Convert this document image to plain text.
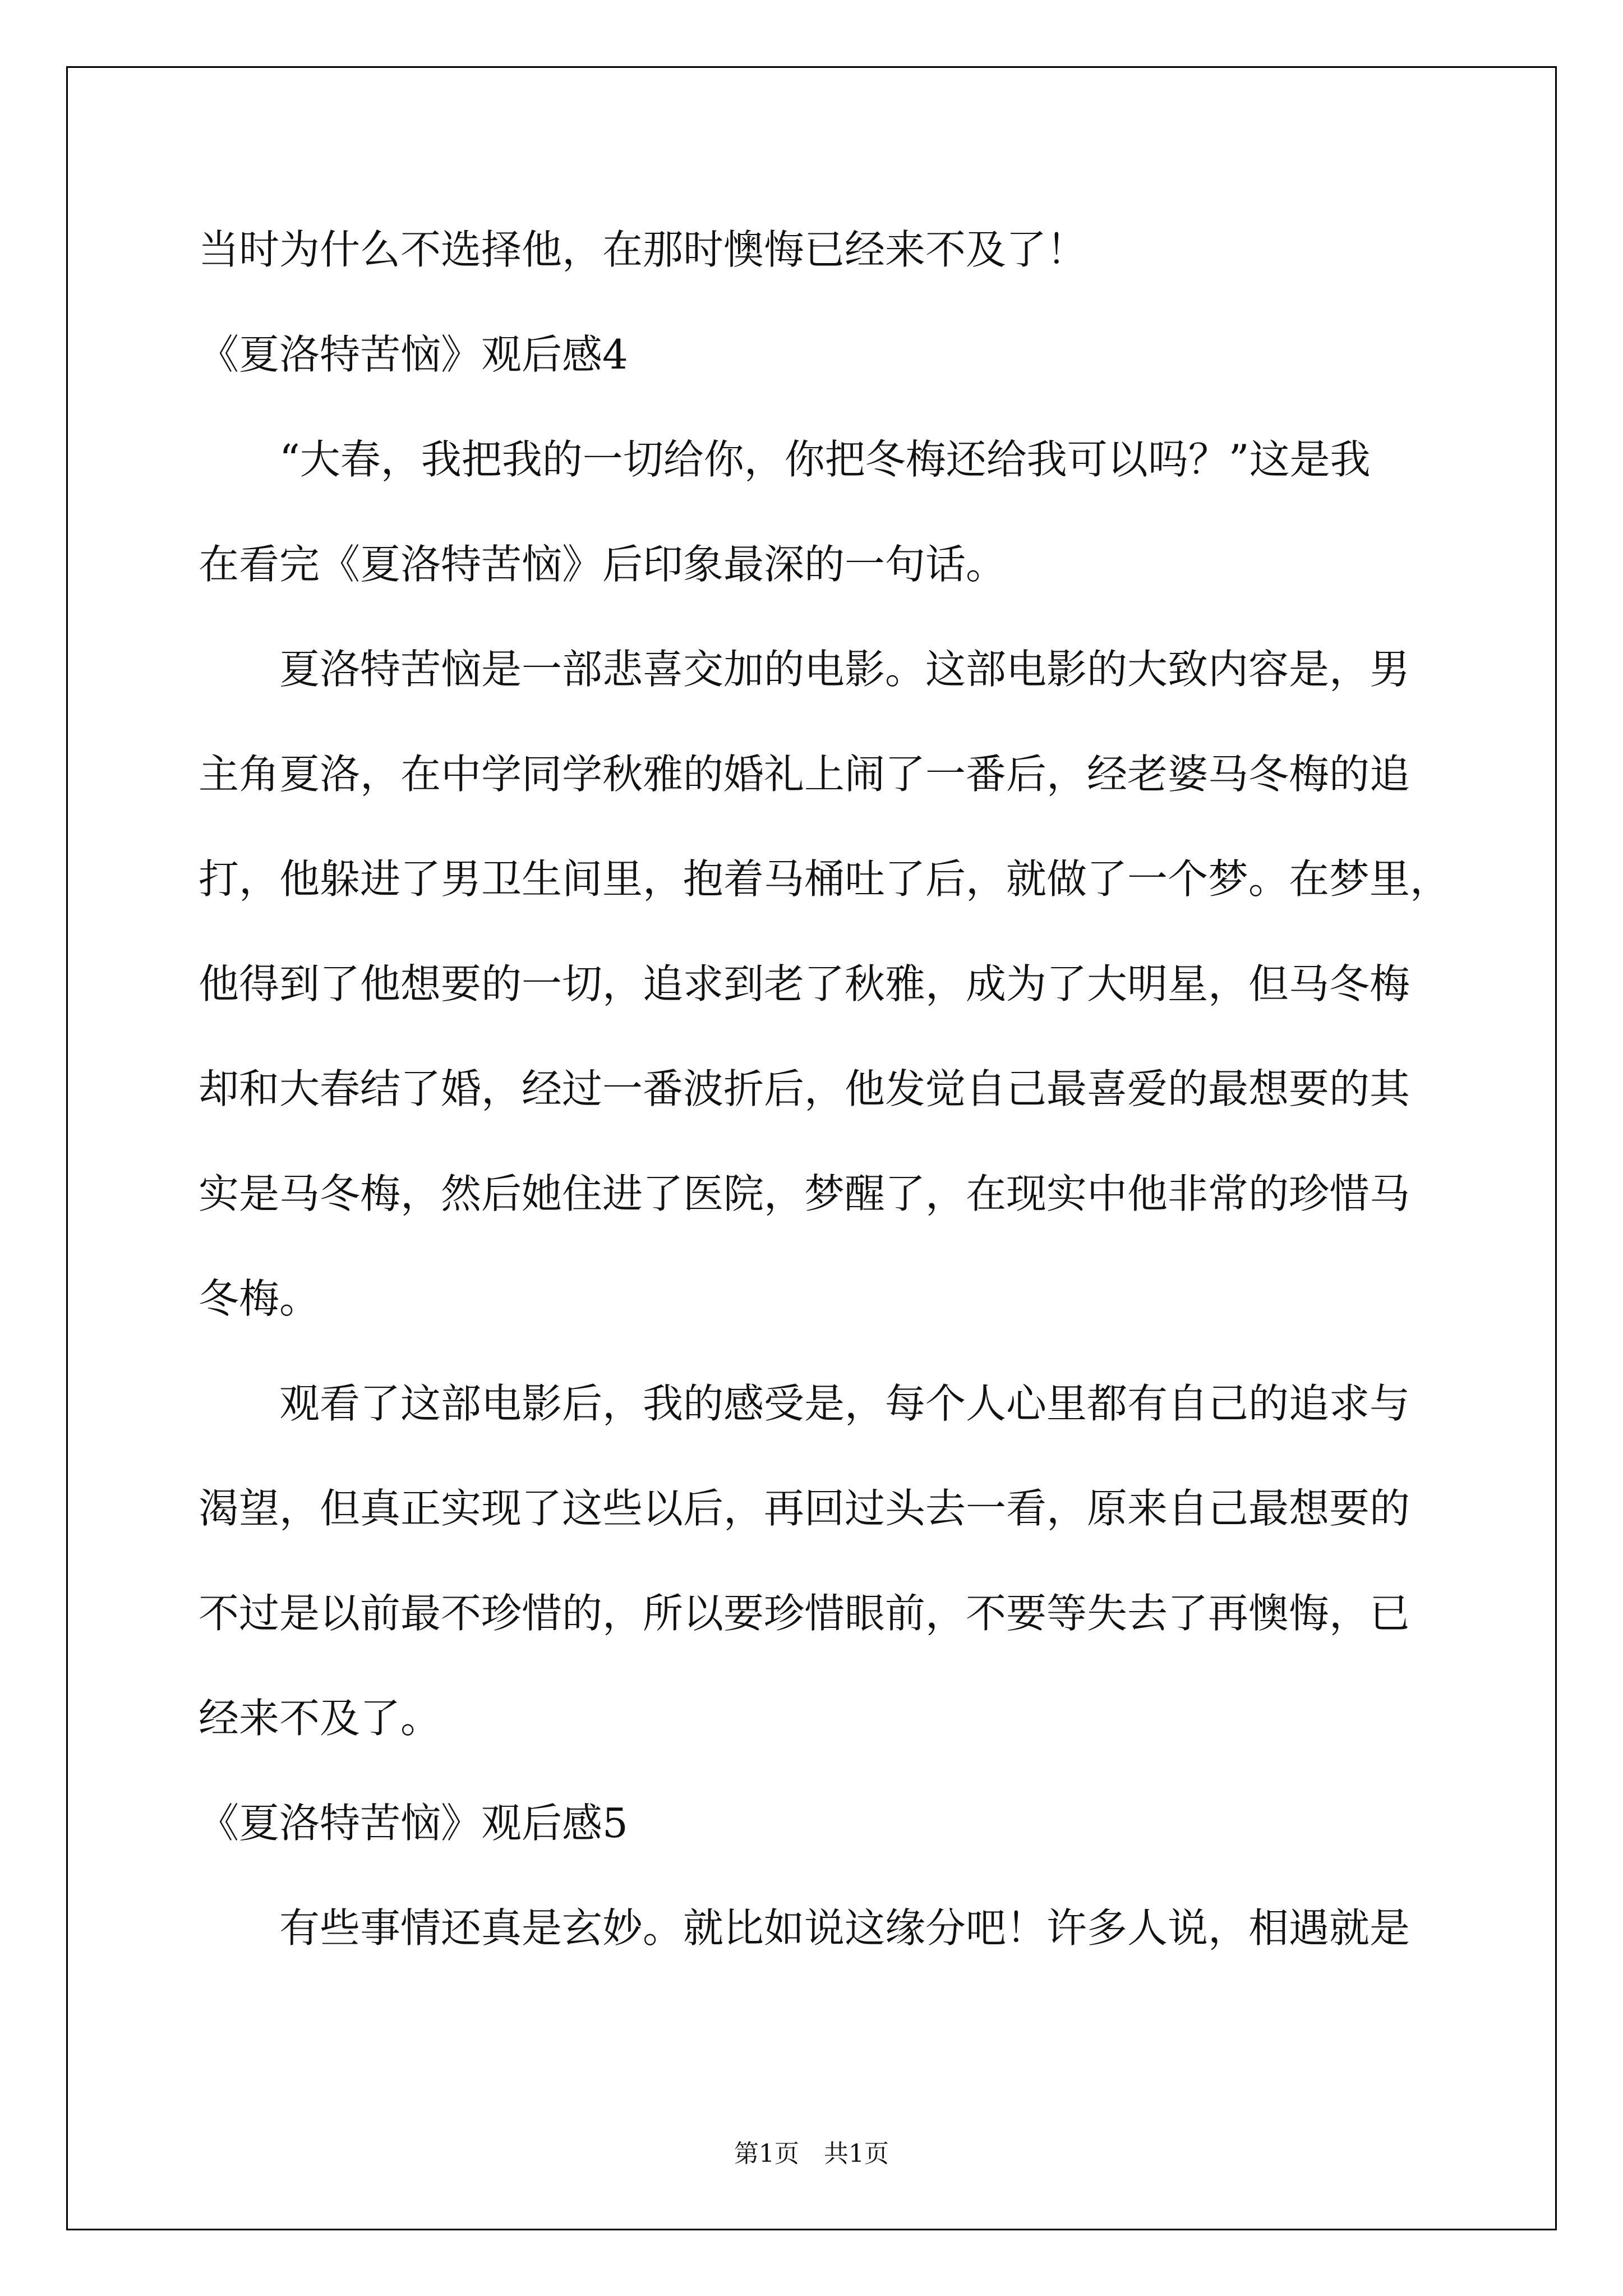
当时为什么不选择他，在那时懊悔已经来不及了！
《夏洛特苦恼》观后感4
“大春，我把我的一切给你，你把冬梅还给我可以吗？”这是我
在看完《夏洛特苦恼》后印象最深的一句话。
夏洛特苦恼是一部悲喜交加的电影。这部电影的大致内容是，男
主角夏洛，在中学同学秋雅的婚礼上闹了一番后，经老婆马冬梅的追
打，他躲进了男卫生间里，抱着马桶吐了后，就做了一个梦。在梦里，
他得到了他想要的一切，追求到老了秋雅，成为了大明星，但马冬梅
却和大春结了婚，经过一番波折后，他发觉自己最喜爱的最想要的其
实是马冬梅，然后她住进了医院，梦醒了，在现实中他非常的珍惜马
冬梅。
观看了这部电影后，我的感受是，每个人心里都有自己的追求与
渴望，但真正实现了这些以后，再回过头去一看，原来自己最想要的
不过是以前最不珍惜的，所以要珍惜眼前，不要等失去了再懊悔，已
经来不及了。
《夏洛特苦恼》观后感5
有些事情还真是玄妙。就比如说这缘分吧！许多人说，相遇就是
第1页　共1页
